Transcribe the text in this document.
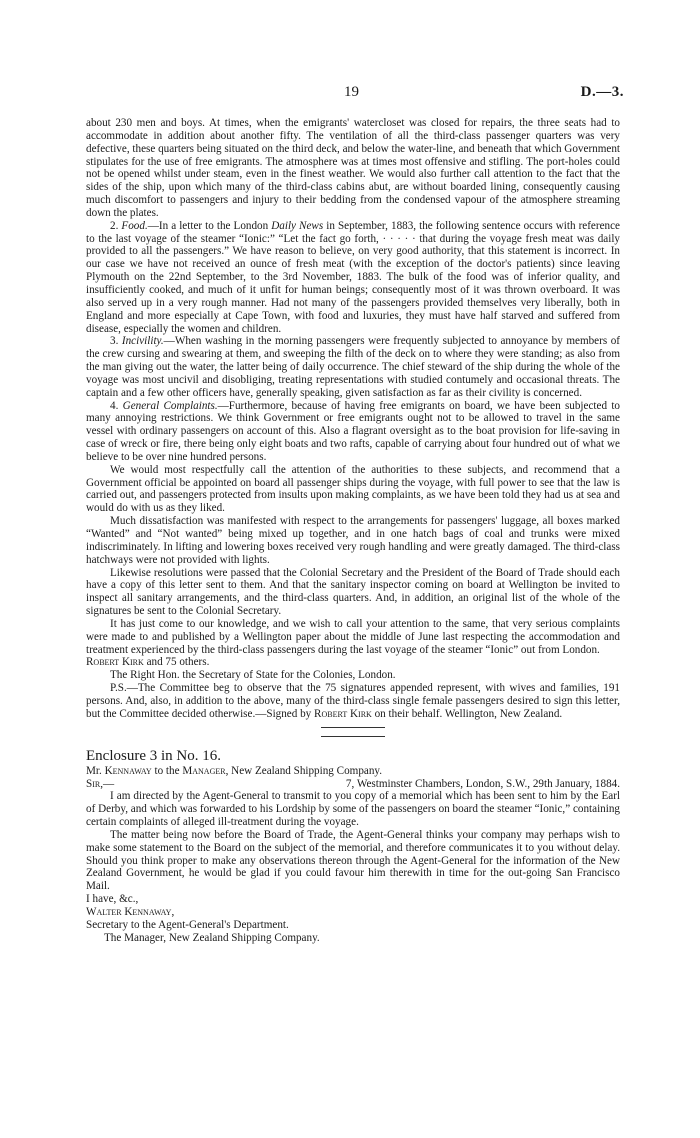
19	D.—3.

about 230 men and boys. At times, when the emigrants' watercloset was closed for repairs, the three seats had to accommodate in addition about another fifty. The ventilation of all the third-class passenger quarters was very defective, these quarters being situated on the third deck, and below the water-line, and beneath that which Government stipulates for the use of free emigrants. The atmosphere was at times most offensive and stifling. The port-holes could not be opened whilst under steam, even in the finest weather. We would also further call attention to the fact that the sides of the ship, upon which many of the third-class cabins abut, are without boarded lining, consequently causing much discomfort to passengers and injury to their bedding from the condensed vapour of the atmosphere streaming down the plates.

2. Food.—In a letter to the London Daily News in September, 1883, the following sentence occurs with reference to the last voyage of the steamer “Ionic:” “Let the fact go forth, · · · · · that during the voyage fresh meat was daily provided to all the passengers.” We have reason to believe, on very good authority, that this statement is incorrect. In our case we have not received an ounce of fresh meat (with the exception of the doctor's patients) since leaving Plymouth on the 22nd September, to the 3rd November, 1883. The bulk of the food was of inferior quality, and insufficiently cooked, and much of it unfit for human beings; consequently most of it was thrown overboard. It was also served up in a very rough manner. Had not many of the passengers provided themselves very liberally, both in England and more especially at Cape Town, with food and luxuries, they must have half starved and suffered from disease, especially the women and children.

3. Incivility.—When washing in the morning passengers were frequently subjected to annoyance by members of the crew cursing and swearing at them, and sweeping the filth of the deck on to where they were standing; as also from the man giving out the water, the latter being of daily occurrence. The chief steward of the ship during the whole of the voyage was most uncivil and disobliging, treating representations with studied contumely and occasional threats. The captain and a few other officers have, generally speaking, given satisfaction as far as their civility is concerned.

4. General Complaints.—Furthermore, because of having free emigrants on board, we have been subjected to many annoying restrictions. We think Government or free emigrants ought not to be allowed to travel in the same vessel with ordinary passengers on account of this. Also a flagrant oversight as to the boat provision for life-saving in case of wreck or fire, there being only eight boats and two rafts, capable of carrying about four hundred out of what we believe to be over nine hundred persons.

We would most respectfully call the attention of the authorities to these subjects, and recommend that a Government official be appointed on board all passenger ships during the voyage, with full power to see that the law is carried out, and passengers protected from insults upon making complaints, as we have been told they had us at sea and would do with us as they liked.

Much dissatisfaction was manifested with respect to the arrangements for passengers' luggage, all boxes marked “Wanted” and “Not wanted” being mixed up together, and in one hatch bags of coal and trunks were mixed indiscriminately. In lifting and lowering boxes received very rough handling and were greatly damaged. The third-class hatchways were not provided with lights.

Likewise resolutions were passed that the Colonial Secretary and the President of the Board of Trade should each have a copy of this letter sent to them. And that the sanitary inspector coming on board at Wellington be invited to inspect all sanitary arrangements, and the third-class quarters. And, in addition, an original list of the whole of the signatures be sent to the Colonial Secretary.

It has just come to our knowledge, and we wish to call your attention to the same, that very serious complaints were made to and published by a Wellington paper about the middle of June last respecting the accommodation and treatment experienced by the third-class passengers during the last voyage of the steamer “Ionic” out from London.

Robert Kirk and 75 others.

The Right Hon. the Secretary of State for the Colonies, London.

P.S.—The Committee beg to observe that the 75 signatures appended represent, with wives and families, 191 persons. And, also, in addition to the above, many of the third-class single female passengers desired to sign this letter, but the Committee decided otherwise.—Signed by Robert Kirk on their behalf. Wellington, New Zealand.

Enclosure 3 in No. 16.

Mr. Kennaway to the Manager, New Zealand Shipping Company.

Sir,—	7, Westminster Chambers, London, S.W., 29th January, 1884.

I am directed by the Agent-General to transmit to you copy of a memorial which has been sent to him by the Earl of Derby, and which was forwarded to his Lordship by some of the passengers on board the steamer “Ionic,” containing certain complaints of alleged ill-treatment during the voyage.

The matter being now before the Board of Trade, the Agent-General thinks your company may perhaps wish to make some statement to the Board on the subject of the memorial, and therefore communicates it to you without delay. Should you think proper to make any observations thereon through the Agent-General for the information of the New Zealand Government, he would be glad if you could favour him therewith in time for the out-going San Francisco Mail.

I have, &c.,

Walter Kennaway,

Secretary to the Agent-General's Department.

The Manager, New Zealand Shipping Company.
